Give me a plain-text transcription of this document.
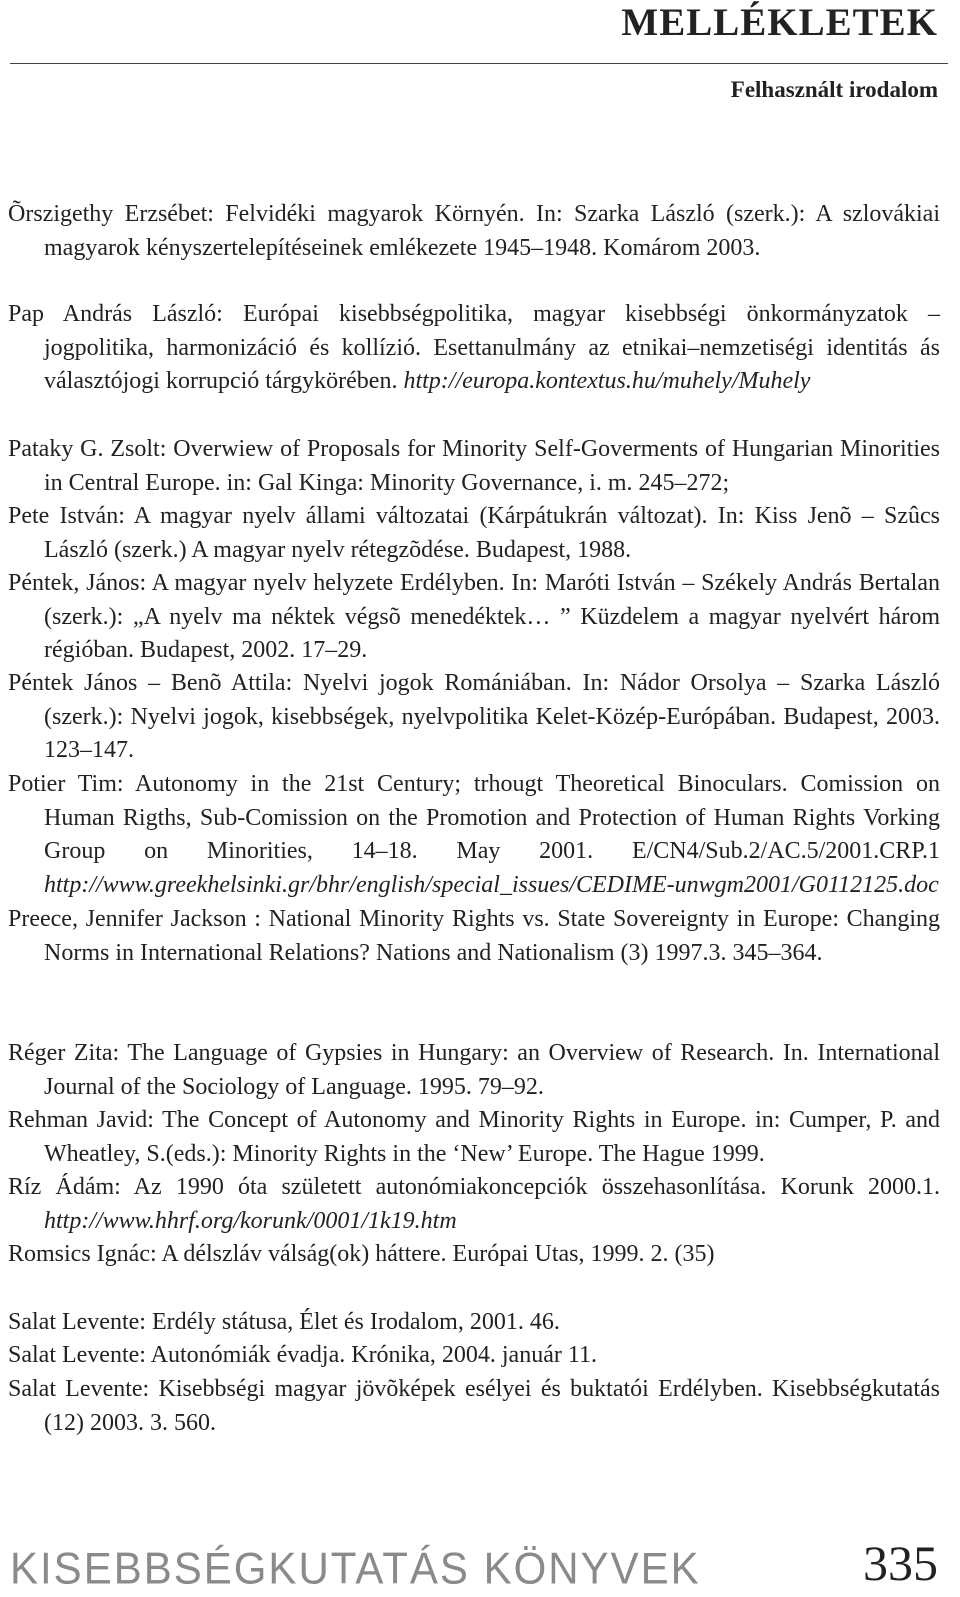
MELLÉKLETEK
Felhasznált irodalom
Õrszigethy Erzsébet: Felvidéki magyarok Környén. In: Szarka László (szerk.): A szlovákiai magyarok kényszertelepítéseinek emlékezete 1945–1948. Komárom 2003.
Pap András László: Európai kisebbségpolitika, magyar kisebbségi önkormányzatok – jogpolitika, harmonizáció és kollízió. Esettanulmány az etnikai–nemzetiségi identitás ás választójogi korrupció tárgykörében. http://europa.kontextus.hu/muhely/Muhely
Pataky G. Zsolt: Overwiew of Proposals for Minority Self-Goverments of Hungarian Minorities in Central Europe. in: Gal Kinga: Minority Governance, i. m. 245–272;
Pete István: A magyar nyelv állami változatai (Kárpátukrán változat). In: Kiss Jenõ – Szûcs László (szerk.) A magyar nyelv rétegzõdése. Budapest, 1988.
Péntek, János: A magyar nyelv helyzete Erdélyben. In: Maróti István – Székely András Bertalan (szerk.): „A nyelv ma néktek végsõ menedéktek… ” Küzdelem a magyar nyelvért három régióban. Budapest, 2002. 17–29.
Péntek János – Benõ Attila: Nyelvi jogok Romániában. In: Nádor Orsolya – Szarka László (szerk.): Nyelvi jogok, kisebbségek, nyelvpolitika Kelet-Közép-Európában. Budapest, 2003. 123–147.
Potier Tim: Autonomy in the 21st Century; trhougt Theoretical Binoculars. Comission on Human Rigths, Sub-Comission on the Promotion and Protection of Human Rights Vorking Group on Minorities, 14–18. May 2001. E/CN4/Sub.2/AC.5/2001.CRP.1 http://www.greekhelsinki.gr/bhr/english/special_issues/CEDIME-unwgm2001/G0112125.doc
Preece, Jennifer Jackson : National Minority Rights vs. State Sovereignty in Europe: Changing Norms in International Relations? Nations and Nationalism (3) 1997.3. 345–364.
Réger Zita: The Language of Gypsies in Hungary: an Overview of Research. In. International Journal of the Sociology of Language. 1995. 79–92.
Rehman Javid: The Concept of Autonomy and Minority Rights in Europe. in: Cumper, P. and Wheatley, S.(eds.): Minority Rights in the ‘New’ Europe. The Hague 1999.
Ríz Ádám: Az 1990 óta született autonómiakoncepciók összehasonlítása. Korunk 2000.1. http://www.hhrf.org/korunk/0001/1k19.htm
Romsics Ignác: A délszláv válság(ok) háttere. Európai Utas, 1999. 2. (35)
Salat Levente: Erdély státusa, Élet és Irodalom, 2001. 46.
Salat Levente: Autonómiák évadja. Krónika, 2004. január 11.
Salat Levente: Kisebbségi magyar jövõképek esélyei és buktatói Erdélyben. Kisebbségkutatás (12) 2003. 3. 560.
KISEBBSÉGKUTATÁS KÖNYVEK	335
